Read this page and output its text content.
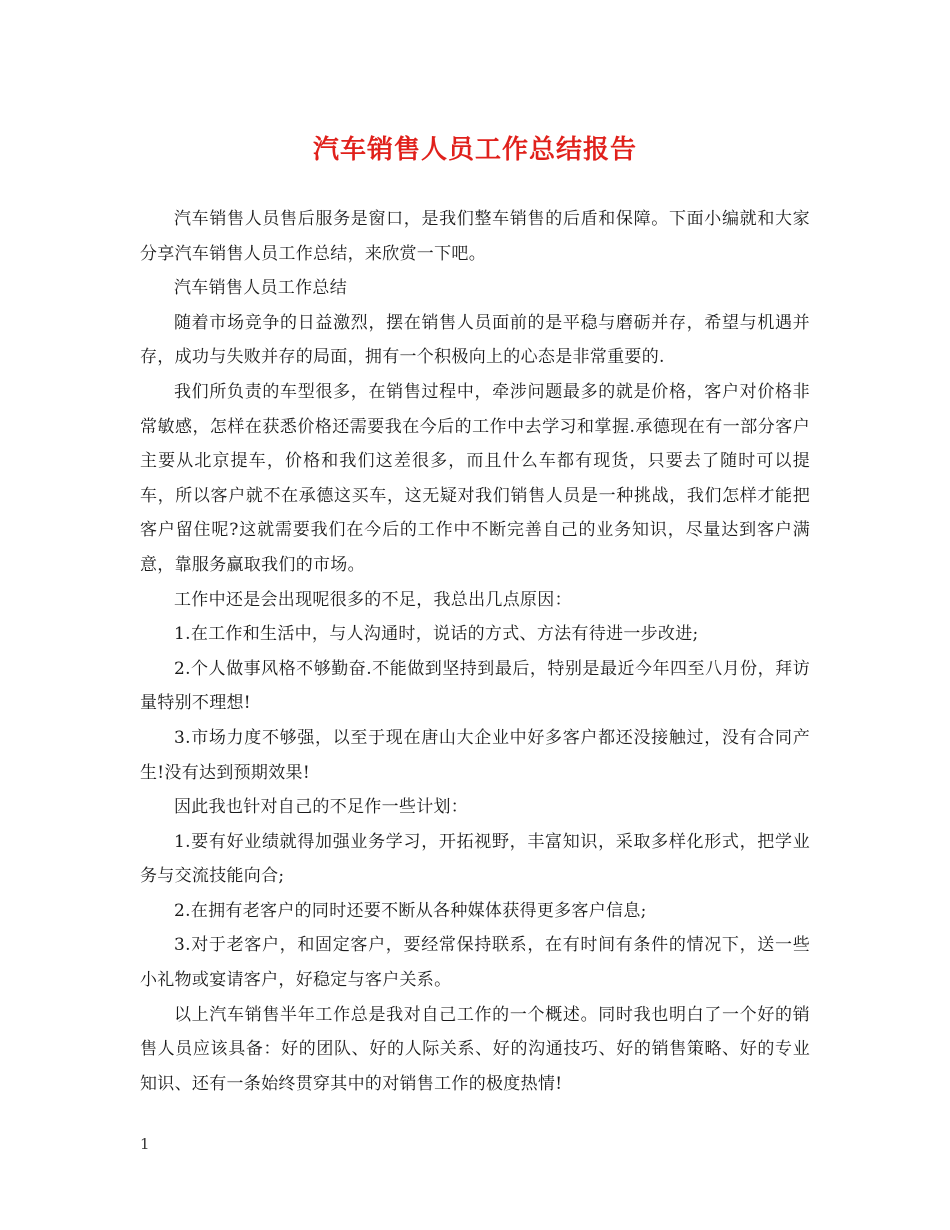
汽车销售人员工作总结报告

汽车销售人员售后服务是窗口，是我们整车销售的后盾和保障。下面小编就和大家分享汽车销售人员工作总结，来欣赏一下吧。

汽车销售人员工作总结

随着市场竞争的日益激烈，摆在销售人员面前的是平稳与磨砺并存，希望与机遇并存，成功与失败并存的局面，拥有一个积极向上的心态是非常重要的.

我们所负责的车型很多，在销售过程中，牵涉问题最多的就是价格，客户对价格非常敏感，怎样在获悉价格还需要我在今后的工作中去学习和掌握.承德现在有一部分客户主要从北京提车，价格和我们这差很多，而且什么车都有现货，只要去了随时可以提车，所以客户就不在承德这买车，这无疑对我们销售人员是一种挑战，我们怎样才能把客户留住呢?这就需要我们在今后的工作中不断完善自己的业务知识，尽量达到客户满意，靠服务赢取我们的市场。

工作中还是会出现呢很多的不足，我总出几点原因：

1.在工作和生活中，与人沟通时，说话的方式、方法有待进一步改进;

2.个人做事风格不够勤奋.不能做到坚持到最后，特别是最近今年四至八月份，拜访量特别不理想!

3.市场力度不够强，以至于现在唐山大企业中好多客户都还没接触过，没有合同产生!没有达到预期效果!

因此我也针对自己的不足作一些计划：

1.要有好业绩就得加强业务学习，开拓视野，丰富知识，采取多样化形式，把学业务与交流技能向合;

2.在拥有老客户的同时还要不断从各种媒体获得更多客户信息;

3.对于老客户，和固定客户，要经常保持联系，在有时间有条件的情况下，送一些小礼物或宴请客户，好稳定与客户关系。

以上汽车销售半年工作总是我对自己工作的一个概述。同时我也明白了一个好的销售人员应该具备：好的团队、好的人际关系、好的沟通技巧、好的销售策略、好的专业知识、还有一条始终贯穿其中的对销售工作的极度热情!

1
